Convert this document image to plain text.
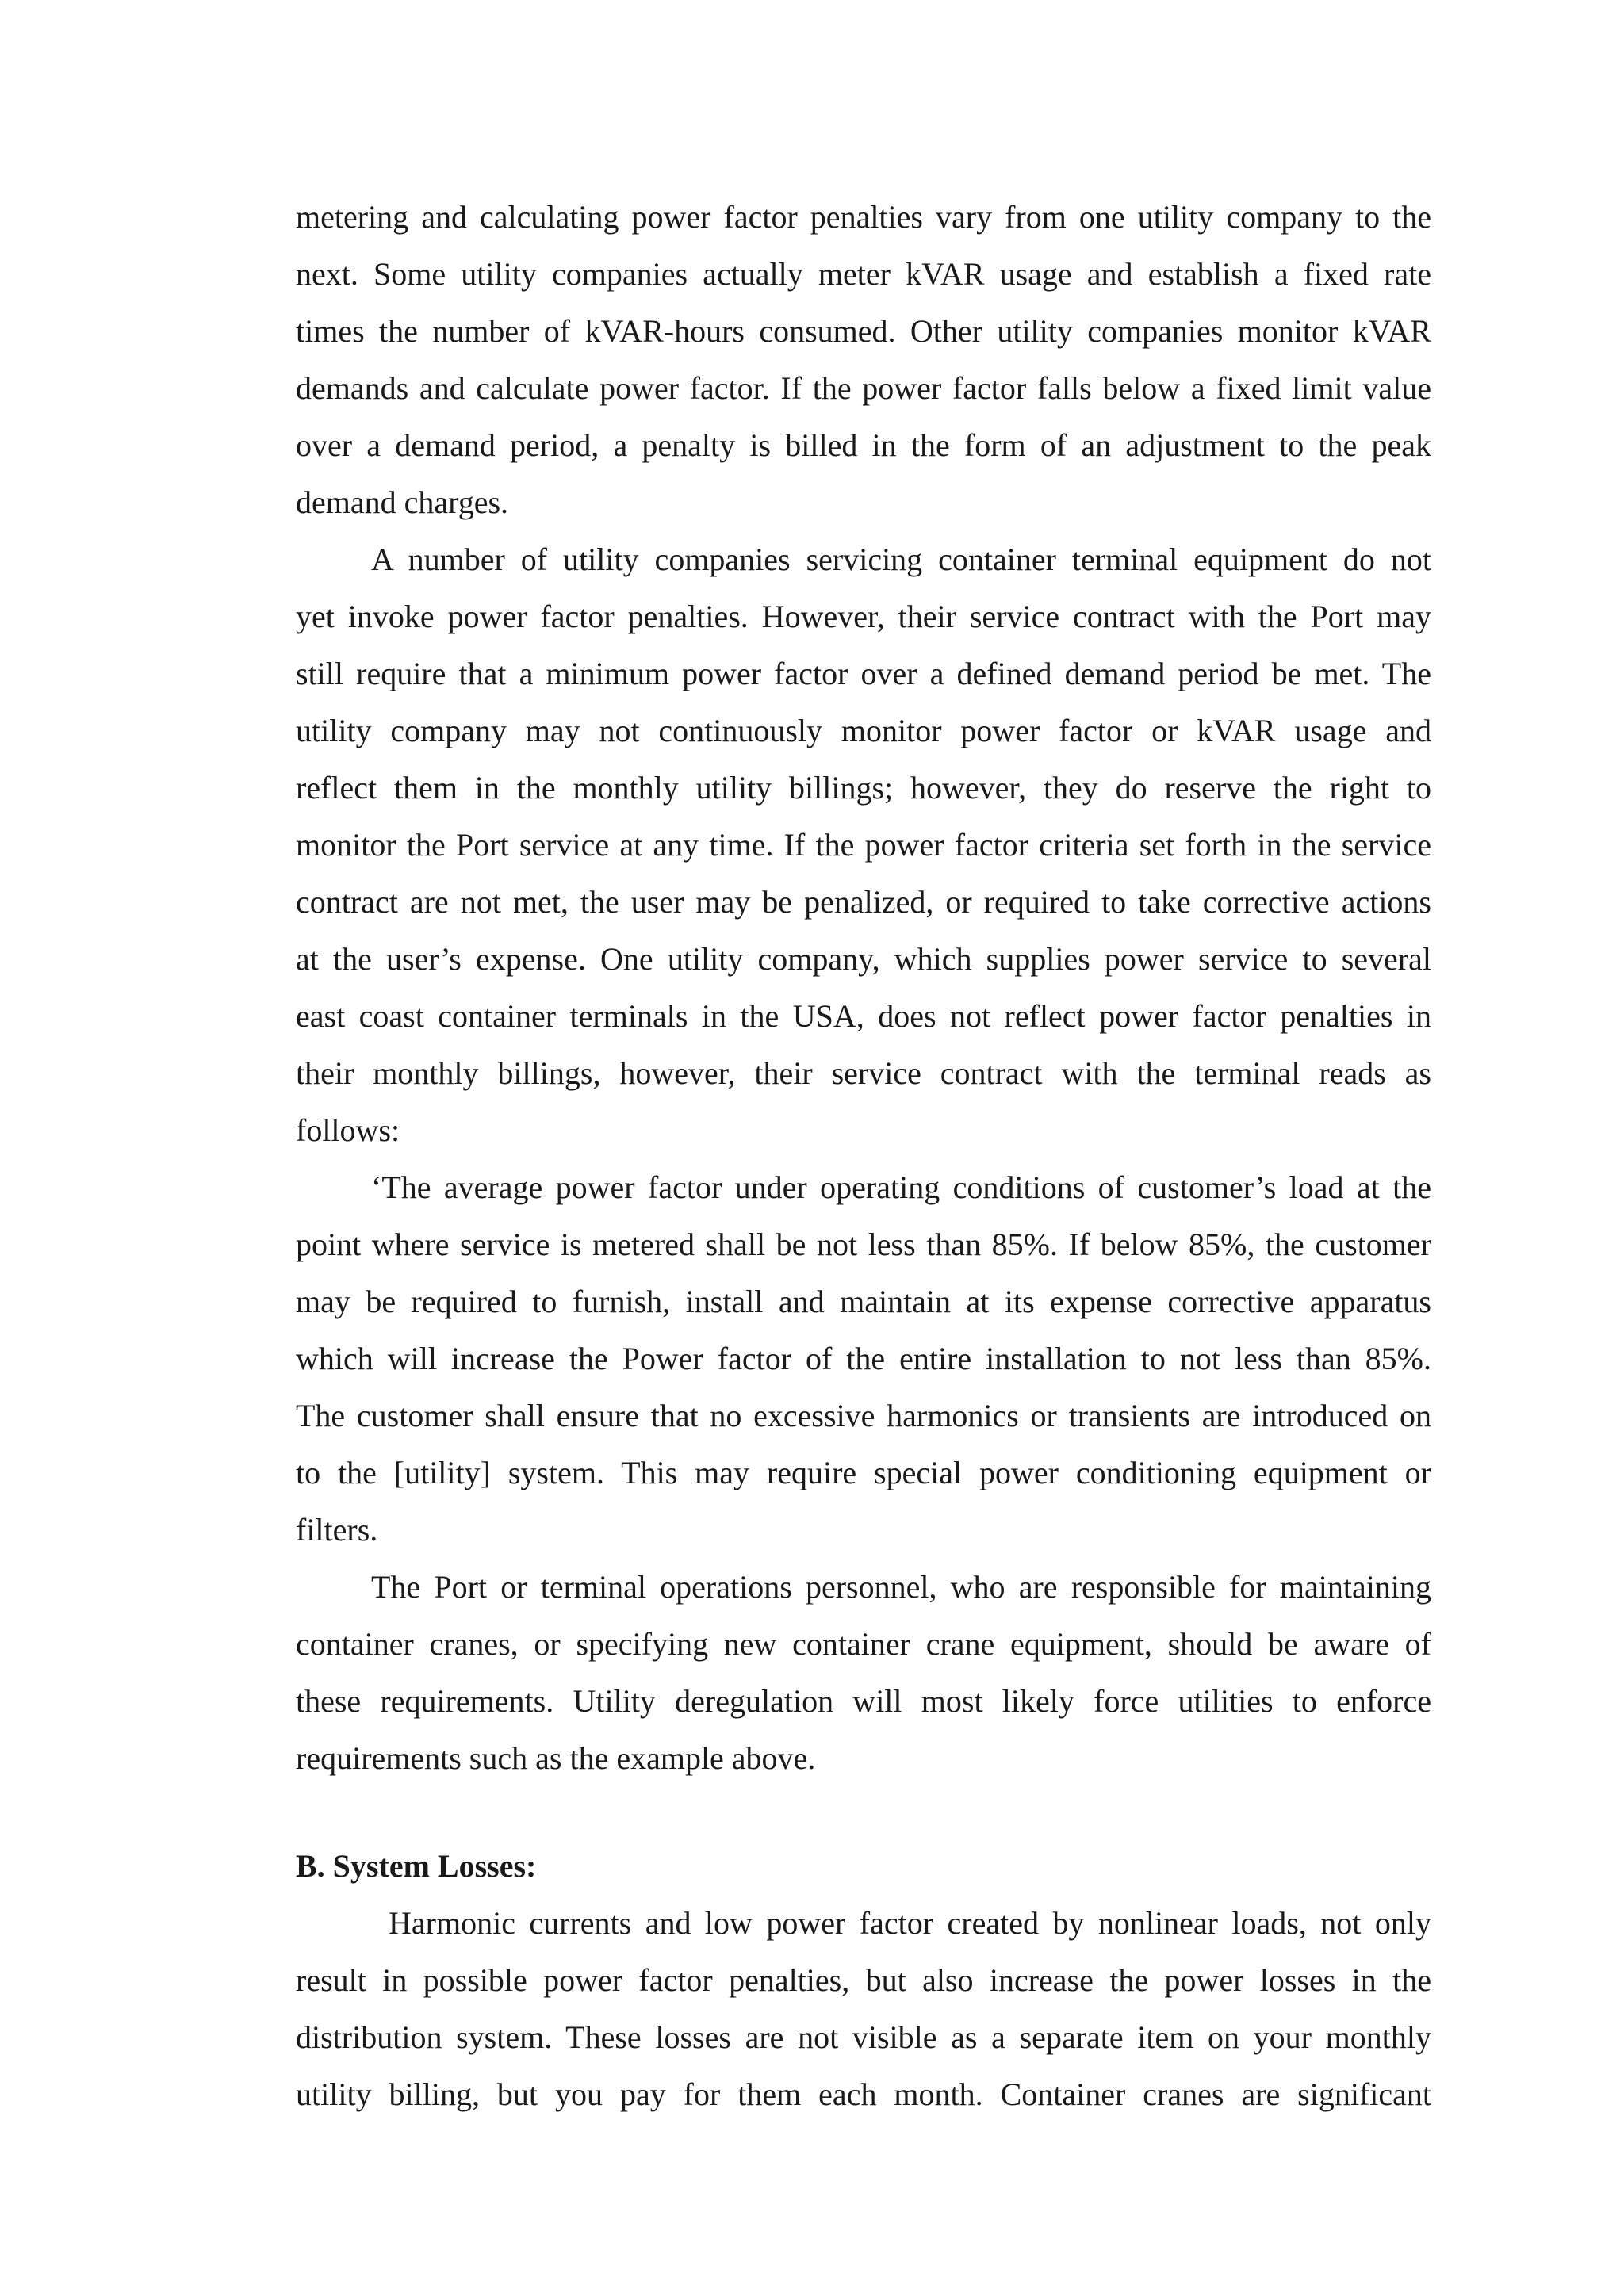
metering and calculating power factor penalties vary from one utility company to the
next. Some utility companies actually meter kVAR usage and establish a fixed rate
times the number of kVAR-hours consumed. Other utility companies monitor kVAR
demands and calculate power factor. If the power factor falls below a fixed limit value
over a demand period, a penalty is billed in the form of an adjustment to the peak
demand charges.
A number of utility companies servicing container terminal equipment do not
yet invoke power factor penalties. However, their service contract with the Port may
still require that a minimum power factor over a defined demand period be met. The
utility company may not continuously monitor power factor or kVAR usage and
reflect them in the monthly utility billings; however, they do reserve the right to
monitor the Port service at any time. If the power factor criteria set forth in the service
contract are not met, the user may be penalized, or required to take corrective actions
at the user’s expense. One utility company, which supplies power service to several
east coast container terminals in the USA, does not reflect power factor penalties in
their monthly billings, however, their service contract with the terminal reads as
follows:
‘The average power factor under operating conditions of customer’s load at the
point where service is metered shall be not less than 85%. If below 85%, the customer
may be required to furnish, install and maintain at its expense corrective apparatus
which will increase the Power factor of the entire installation to not less than 85%.
The customer shall ensure that no excessive harmonics or transients are introduced on
to the [utility] system. This may require special power conditioning equipment or
filters.
The Port or terminal operations personnel, who are responsible for maintaining
container cranes, or specifying new container crane equipment, should be aware of
these requirements. Utility deregulation will most likely force utilities to enforce
requirements such as the example above.
B. System Losses:
Harmonic currents and low power factor created by nonlinear loads, not only
result in possible power factor penalties, but also increase the power losses in the
distribution system. These losses are not visible as a separate item on your monthly
utility billing, but you pay for them each month. Container cranes are significant
